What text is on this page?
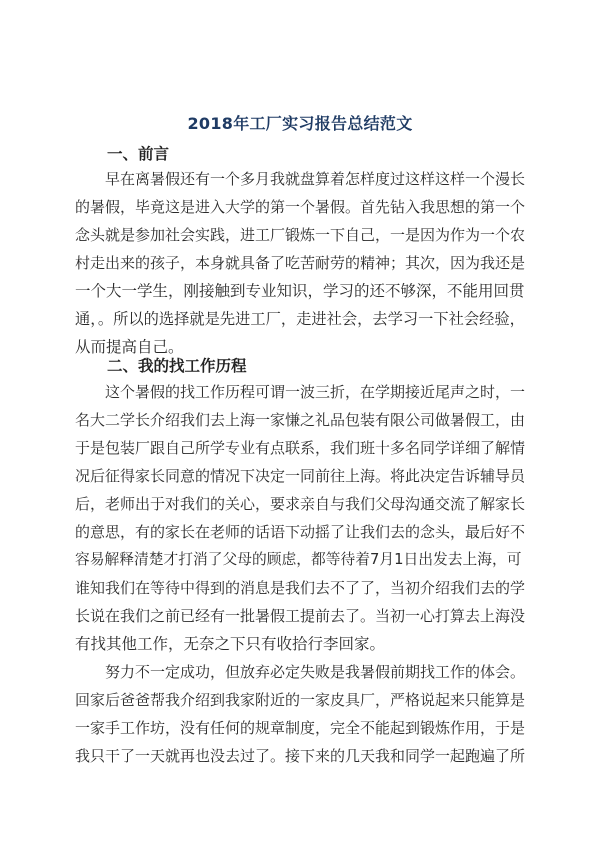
2018年工厂实习报告总结范文
一、前言
早在离暑假还有一个多月我就盘算着怎样度过这样这样一个漫长
的暑假，毕竟这是进入大学的第一个暑假。首先钻入我思想的第一个
念头就是参加社会实践，进工厂锻炼一下自己，一是因为作为一个农
村走出来的孩子，本身就具备了吃苦耐劳的精神；其次，因为我还是
一个大一学生，刚接触到专业知识，学习的还不够深，不能用回贯
通，。所以的选择就是先进工厂，走进社会，去学习一下社会经验，
从而提高自己。
二、我的找工作历程
这个暑假的找工作历程可谓一波三折，在学期接近尾声之时，一
名大二学长介绍我们去上海一家慊之礼品包装有限公司做暑假工，由
于是包装厂跟自己所学专业有点联系，我们班十多名同学详细了解情
况后征得家长同意的情况下决定一同前往上海。将此决定告诉辅导员
后，老师出于对我们的关心，要求亲自与我们父母沟通交流了解家长
的意思，有的家长在老师的话语下动摇了让我们去的念头，最后好不
容易解释清楚才打消了父母的顾虑，都等待着7月1日出发去上海，可
谁知我们在等待中得到的消息是我们去不了了，当初介绍我们去的学
长说在我们之前已经有一批暑假工提前去了。当初一心打算去上海没
有找其他工作，无奈之下只有收拾行李回家。
努力不一定成功，但放弃必定失败是我暑假前期找工作的体会。
回家后爸爸帮我介绍到我家附近的一家皮具厂，严格说起来只能算是
一家手工作坊，没有任何的规章制度，完全不能起到锻炼作用，于是
我只干了一天就再也没去过了。接下来的几天我和同学一起跑遍了所
